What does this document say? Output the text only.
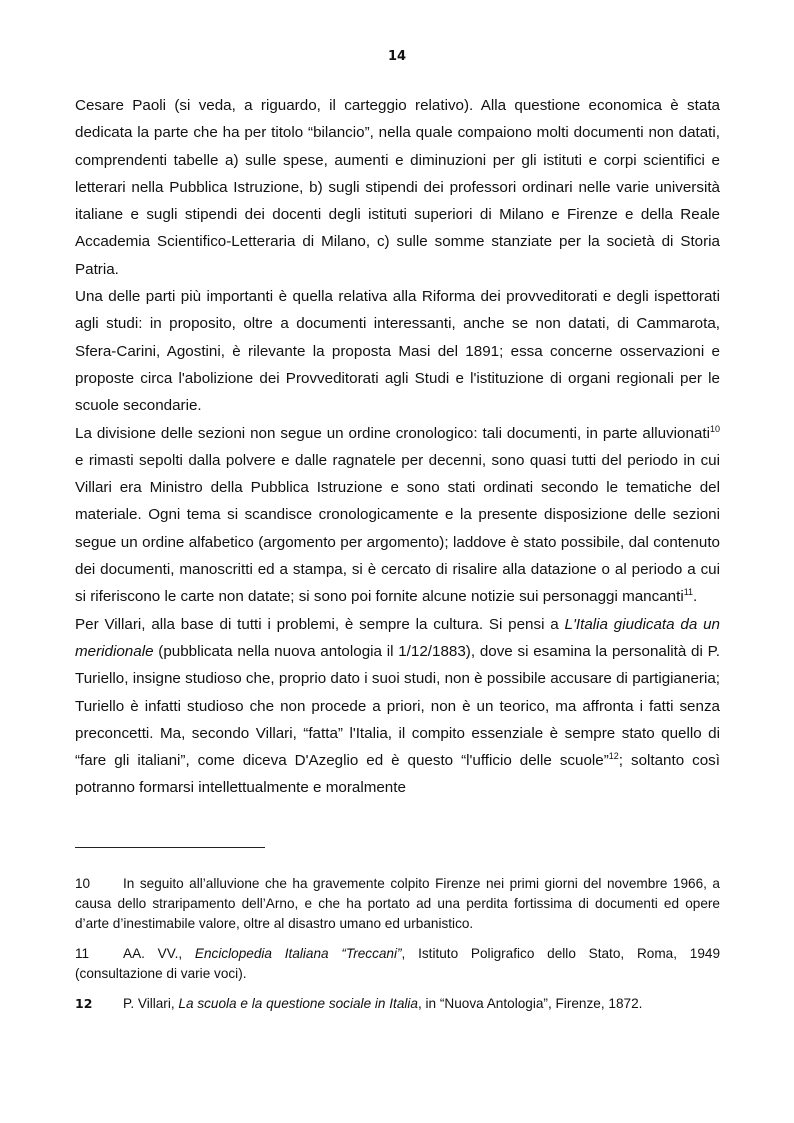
14

Cesare Paoli (si veda, a riguardo, il carteggio relativo). Alla questione economica è stata dedicata la parte che ha per titolo “bilancio”, nella quale compaiono molti documenti non datati, comprendenti tabelle a) sulle spese, aumenti e diminuzioni per gli istituti e corpi scientifici e letterari nella Pubblica Istruzione, b) sugli stipendi dei professori ordinari nelle varie università italiane e sugli stipendi dei docenti degli istituti superiori di Milano e Firenze e della Reale Accademia Scientifico-Letteraria di Milano, c) sulle somme stanziate per la società di Storia Patria.

Una delle parti più importanti è quella relativa alla Riforma dei provveditorati e degli ispettorati agli studi: in proposito, oltre a documenti interessanti, anche se non datati, di Cammarota, Sfera-Carini, Agostini, è rilevante la proposta Masi del 1891; essa concerne osservazioni e proposte circa l'abolizione dei Provveditorati agli Studi e l'istituzione di organi regionali per le scuole secondarie.

La divisione delle sezioni non segue un ordine cronologico: tali documenti, in parte alluvionati$^{10}$ e rimasti sepolti dalla polvere e dalle ragnatele per decenni, sono quasi tutti del periodo in cui Villari era Ministro della Pubblica Istruzione e sono stati ordinati secondo le tematiche del materiale. Ogni tema si scandisce cronologicamente e la presente disposizione delle sezioni segue un ordine alfabetico (argomento per argomento); laddove è stato possibile, dal contenuto dei documenti, manoscritti ed a stampa, si è cercato di risalire alla datazione o al periodo a cui si riferiscono le carte non datate; si sono poi fornite alcune notizie sui personaggi mancanti$^{11}$.

Per Villari, alla base di tutti i problemi, è sempre la cultura. Si pensi a L'Italia giudicata da un meridionale (pubblicata nella nuova antologia il 1/12/1883), dove si esamina la personalità di P. Turiello, insigne studioso che, proprio dato i suoi studi, non è possibile accusare di partigianeria; Turiello è infatti studioso che non procede a priori, non è un teorico, ma affronta i fatti senza preconcetti. Ma, secondo Villari, “fatta” l'Italia, il compito essenziale è sempre stato quello di “fare gli italiani”, come diceva D'Azeglio ed è questo “l'ufficio delle scuole”$^{12}$; soltanto così potranno formarsi intellettualmente e moralmente

10 In seguito all’alluvione che ha gravemente colpito Firenze nei primi giorni del novembre 1966, a causa dello straripamento dell’Arno, e che ha portato ad una perdita fortissima di documenti ed opere d’arte d’inestimabile valore, oltre al disastro umano ed urbanistico.

11 AA. VV., Enciclopedia Italiana “Treccani”, Istituto Poligrafico dello Stato, Roma, 1949 (consultazione di varie voci).

12 P. Villari, La scuola e la questione sociale in Italia, in “Nuova Antologia”, Firenze, 1872.
